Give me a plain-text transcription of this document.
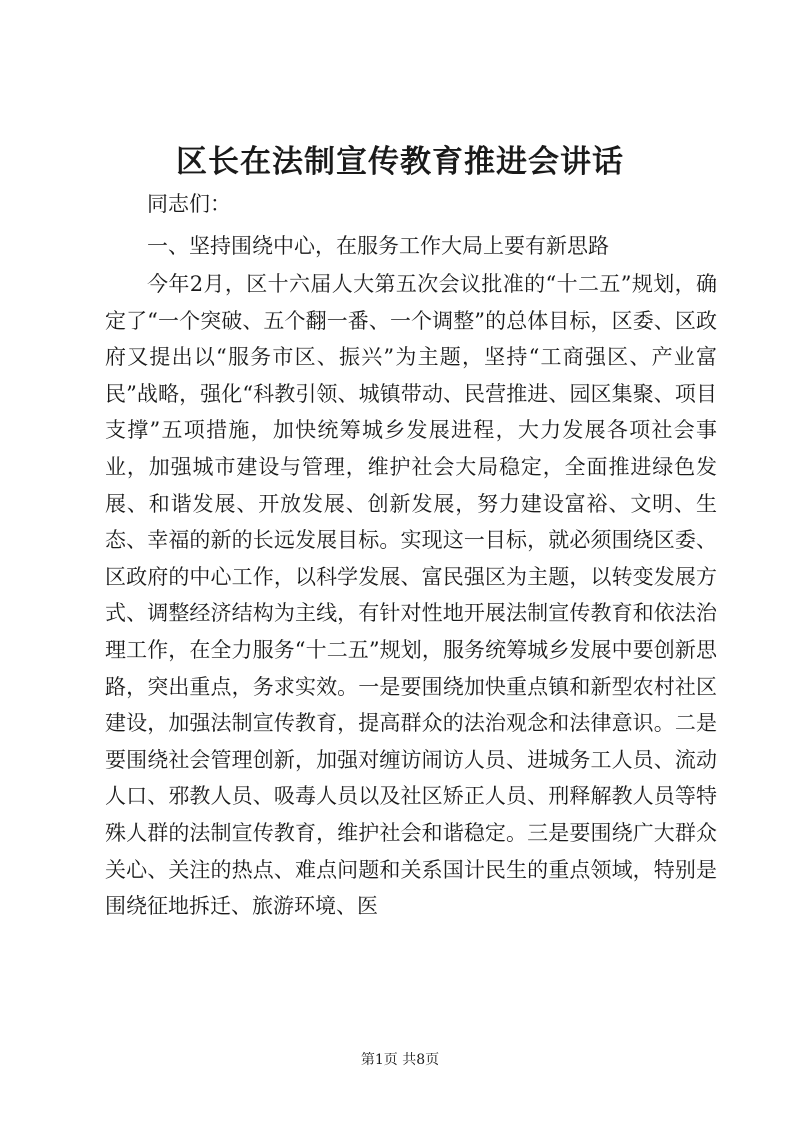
区长在法制宣传教育推进会讲话

同志们：

一、坚持围绕中心，在服务工作大局上要有新思路

今年2月，区十六届人大第五次会议批准的“十二五”规划，确定了“一个突破、五个翻一番、一个调整”的总体目标，区委、区政府又提出以“服务市区、振兴”为主题，坚持“工商强区、产业富民”战略，强化“科教引领、城镇带动、民营推进、园区集聚、项目支撑”五项措施，加快统筹城乡发展进程，大力发展各项社会事业，加强城市建设与管理，维护社会大局稳定，全面推进绿色发展、和谐发展、开放发展、创新发展，努力建设富裕、文明、生态、幸福的新的长远发展目标。实现这一目标，就必须围绕区委、区政府的中心工作，以科学发展、富民强区为主题，以转变发展方式、调整经济结构为主线，有针对性地开展法制宣传教育和依法治理工作，在全力服务“十二五”规划，服务统筹城乡发展中要创新思路，突出重点，务求实效。一是要围绕加快重点镇和新型农村社区建设，加强法制宣传教育，提高群众的法治观念和法律意识。二是要围绕社会管理创新，加强对缠访闹访人员、进城务工人员、流动人口、邪教人员、吸毒人员以及社区矫正人员、刑释解教人员等特殊人群的法制宣传教育，维护社会和谐稳定。三是要围绕广大群众关心、关注的热点、难点问题和关系国计民生的重点领域，特别是围绕征地拆迁、旅游环境、医

第1页 共8页
